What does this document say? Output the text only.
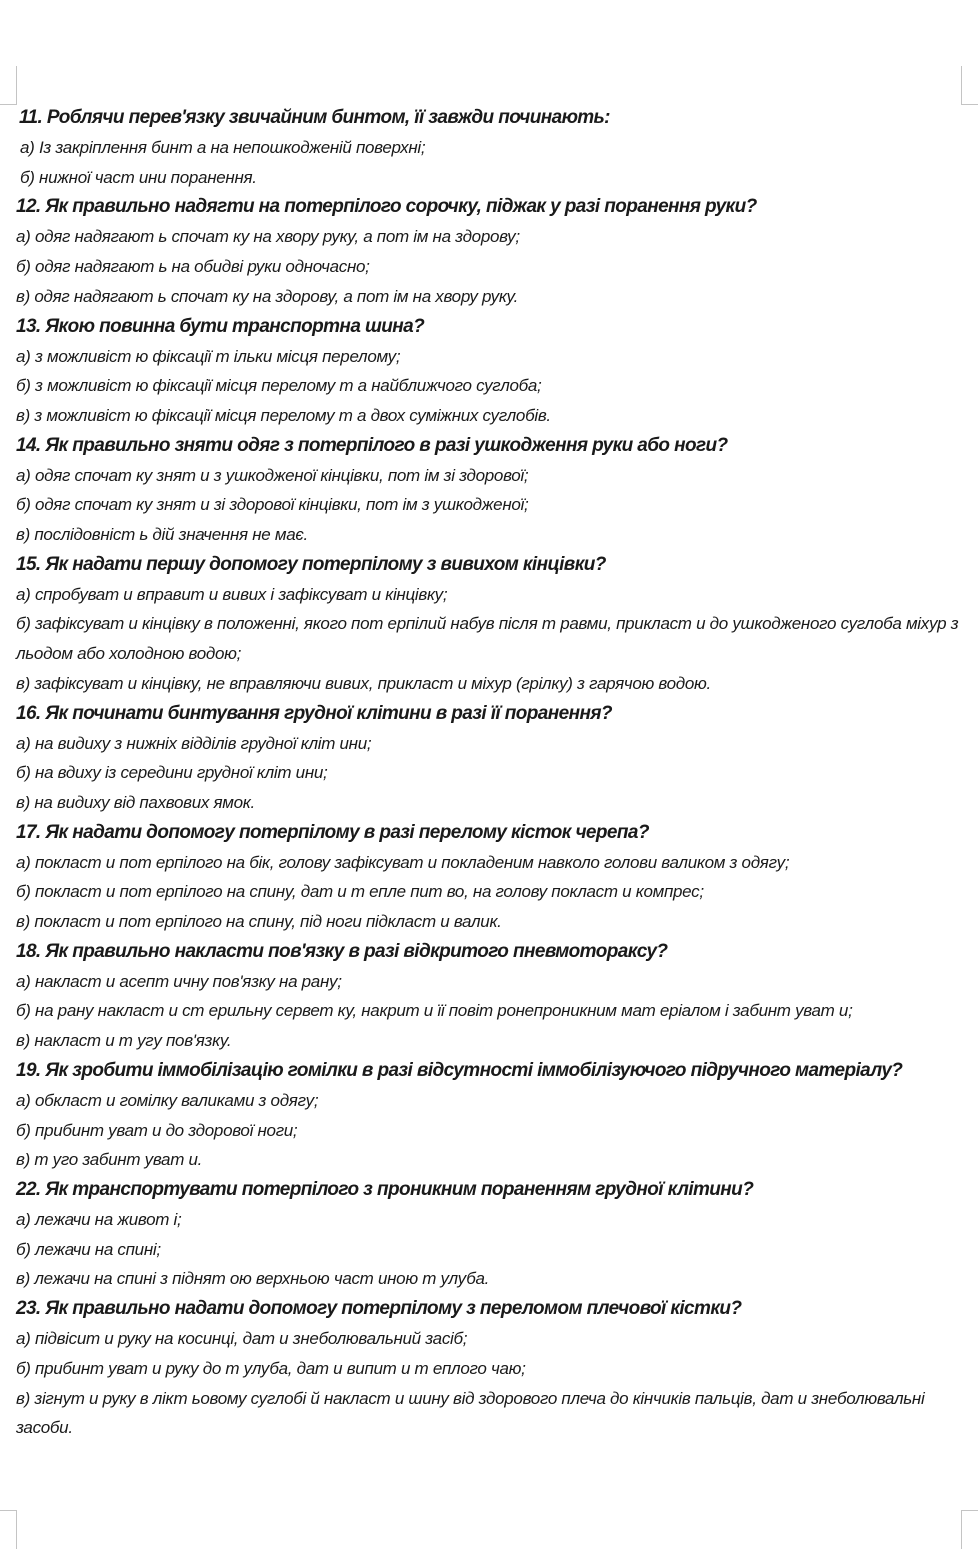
11. Роблячи перев'язку звичайним бинтом, її завжди починають:
а) Із закріплення бинт а на непошкодженій поверхні;
б) нижної част ини поранення.
12. Як правильно надягти на потерпілого сорочку, піджак у разі поранення руки?
а) одяг надягают ь спочат ку на хвору руку, а пот ім на здорову;
б) одяг надягают ь на обидві руки одночасно;
в) одяг надягают ь спочат ку на здорову, а пот ім на хвору руку.
13. Якою повинна бути транспортна шина?
а) з можливіст ю фіксації т ільки місця перелому;
б) з можливіст ю фіксації місця перелому т а найближчого суглоба;
в) з можливіст ю фіксації місця перелому т а двох суміжних суглобів.
14. Як правильно зняти одяг з потерпілого в разі ушкодження руки або ноги?
а) одяг спочат ку знят и з ушкодженої кінцівки, пот ім зі здорової;
б) одяг спочат ку знят и зі здорової кінцівки, пот ім з ушкодженої;
в) послідовніст ь дій значення не має.
15. Як надати першу допомогу потерпілому з вивихом кінцівки?
а) спробуват и вправит и вивих і зафіксуват и кінцівку;
б) зафіксуват и кінцівку в положенні, якого пот ерпілий набув після т равми, приклaст и до ушкодженого суглоба міхур з льодом або холодною водою;
в) зафіксуват и кінцівку, не вправляючи вивих, приклaст и міхур (грілку) з гарячою водою.
16. Як починати бинтування грудної клітини в разі її поранення?
а) на видиху з нижніх відділів грудної кліт ини;
б) на вдиху із середини грудної кліт ини;
в) на видиху від пахвових ямок.
17. Як надати допомогу потерпілому в разі перелому кісток черепа?
а) поклaст и пот ерпілого на бік, голову зафіксуват и покладеним навколо голови валиком з одягу;
б) поклaст и пот ерпілого на спину, дат и т епле пит во, на голову поклaст и компрес;
в) поклaст и пот ерпілого на спину, під ноги підклaст и валик.
18. Як правильно накласти пов'язку в разі відкритого пневмотораксу?
а) наклaст и асепт ичну пов'язку на рану;
б) на рану наклaст и ст ерильну сервет ку, накрит и її повіт ронепроникним мат еріалом і забинт уват и;
в) наклaст и т угу пов'язку.
19. Як зробити іммобілізацію гомілки в разі відсутності іммобілізуючого підручного матеріалу?
а) обклaст и гомілку валиками з одягу;
б) прибинт уват и до здорової ноги;
в) т уго забинт уват и.
22. Як транспортувати потерпілого з проникним пораненням грудної клітини?
а) лежачи на живот і;
б) лежачи на спині;
в) лежачи на спині з піднят ою верхньою част иною т улуба.
23. Як правильно надати допомогу потерпілому з переломом плечової кістки?
а) підвісит и руку на косинці, дат и знеболювальний засіб;
б) прибинт уват и руку до т улуба, дат и випит и т еплого чаю;
в) зігнут и руку в лікт ьовому суглобі й наклaст и шину від здорового плеча до кінчиків пальців, дат и знеболювальні засоби.
